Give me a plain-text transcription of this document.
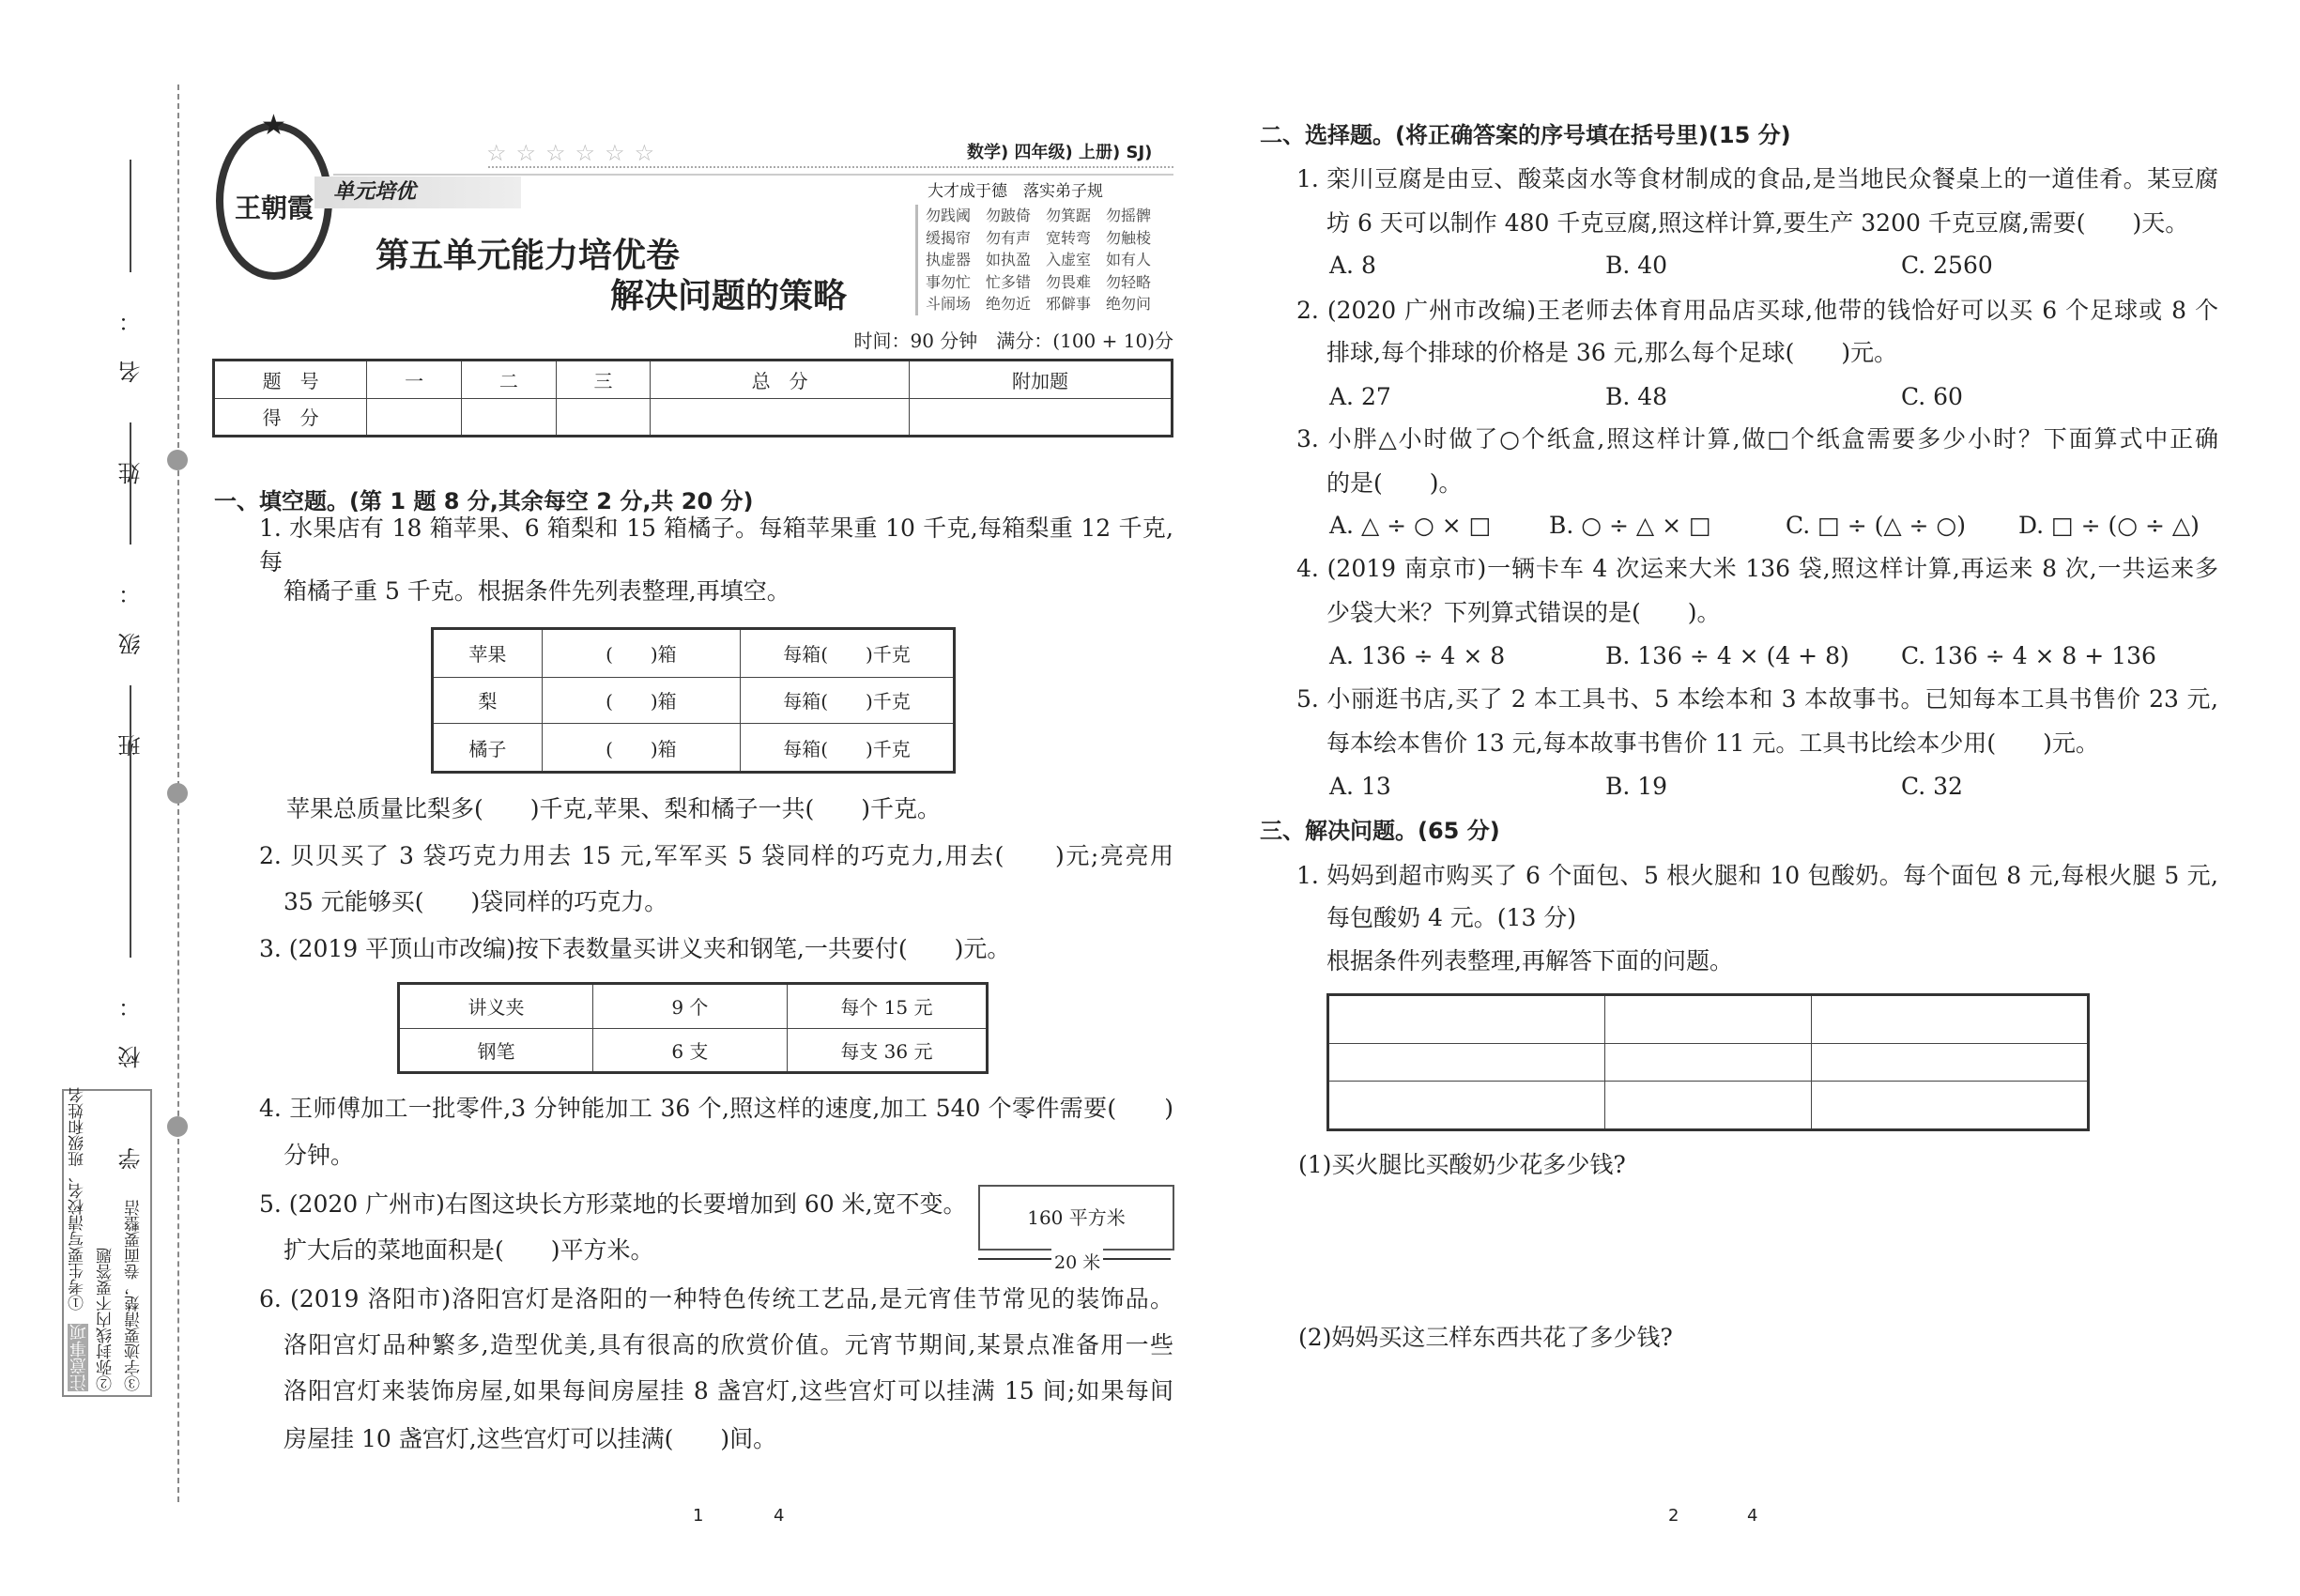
姓　名：
班　级：
学　校：
注意事项
①考生要写清校名、班级和姓名
②弥封线内不要答题 ③字迹要清楚，卷面要整洁
★
王朝霞
☆☆☆☆☆☆	数学) 四年级) 上册) SJ)
单元培优
第五单元能力培优卷
解决问题的策略
大才成于德　落实弟子规
勿践阈　勿跛倚　勿箕踞　勿摇髀
缓揭帘　勿有声　宽转弯　勿触棱
执虚器　如执盈　入虚室　如有人
事勿忙　忙多错　勿畏难　勿轻略
斗闹场　绝勿近　邪僻事　绝勿问
时间：90 分钟　满分：(100 + 10)分
题　号	一	二	三	总　分	附加题
得　分					
一、填空题。(第 1 题 8 分,其余每空 2 分,共 20 分)
1. 水果店有 18 箱苹果、6 箱梨和 15 箱橘子。每箱苹果重 10 千克,每箱梨重 12 千克,每
箱橘子重 5 千克。根据条件先列表整理,再填空。
苹果	(　　)箱	每箱(　　)千克
梨	(　　)箱	每箱(　　)千克
橘子	(　　)箱	每箱(　　)千克
苹果总质量比梨多(　　)千克,苹果、梨和橘子一共(　　)千克。
2. 贝贝买了 3 袋巧克力用去 15 元,军军买 5 袋同样的巧克力,用去(　　)元;亮亮用
35 元能够买(　　)袋同样的巧克力。
3. (2019 平顶山市改编)按下表数量买讲义夹和钢笔,一共要付(　　)元。
讲义夹	9 个	每个 15 元
钢笔	6 支	每支 36 元
4. 王师傅加工一批零件,3 分钟能加工 36 个,照这样的速度,加工 540 个零件需要(　　)
分钟。
5. (2020 广州市)右图这块长方形菜地的长要增加到 60 米,宽不变。
扩大后的菜地面积是(　　)平方米。
160 平方米
20 米
6. (2019 洛阳市)洛阳宫灯是洛阳的一种特色传统工艺品,是元宵佳节常见的装饰品。
洛阳宫灯品种繁多,造型优美,具有很高的欣赏价值。元宵节期间,某景点准备用一些
洛阳宫灯来装饰房屋,如果每间房屋挂 8 盏宫灯,这些宫灯可以挂满 15 间;如果每间
房屋挂 10 盏宫灯,这些宫灯可以挂满(　　)间。
二、选择题。(将正确答案的序号填在括号里)(15 分)
1. 栾川豆腐是由豆、酸菜卤水等食材制成的食品,是当地民众餐桌上的一道佳肴。某豆腐
坊 6 天可以制作 480 千克豆腐,照这样计算,要生产 3200 千克豆腐,需要(　　)天。
A. 8	B. 40	C. 2560
2. (2020 广州市改编)王老师去体育用品店买球,他带的钱恰好可以买 6 个足球或 8 个
排球,每个排球的价格是 36 元,那么每个足球(　　)元。
A. 27	B. 48	C. 60
3. 小胖△小时做了○个纸盒,照这样计算,做□个纸盒需要多少小时？下面算式中正确
的是(　　)。
A. △ ÷ ○ × □ B. ○ ÷ △ × □	C. □ ÷ (△ ÷ ○) D. □ ÷ (○ ÷ △)
4. (2019 南京市)一辆卡车 4 次运来大米 136 袋,照这样计算,再运来 8 次,一共运来多
少袋大米？下列算式错误的是(　　)。
A. 136 ÷ 4 × 8	B. 136 ÷ 4 × (4 + 8) C. 136 ÷ 4 × 8 + 136
5. 小丽逛书店,买了 2 本工具书、5 本绘本和 3 本故事书。已知每本工具书售价 23 元,
每本绘本售价 13 元,每本故事书售价 11 元。工具书比绘本少用(　　)元。
A. 13	B. 19	C. 32
三、解决问题。(65 分)
1. 妈妈到超市购买了 6 个面包、5 根火腿和 10 包酸奶。每个面包 8 元,每根火腿 5 元,
每包酸奶 4 元。(13 分)
根据条件列表整理,再解答下面的问题。

(1)买火腿比买酸奶少花多少钱?
(2)妈妈买这三样东西共花了多少钱?
1	4	2	4
